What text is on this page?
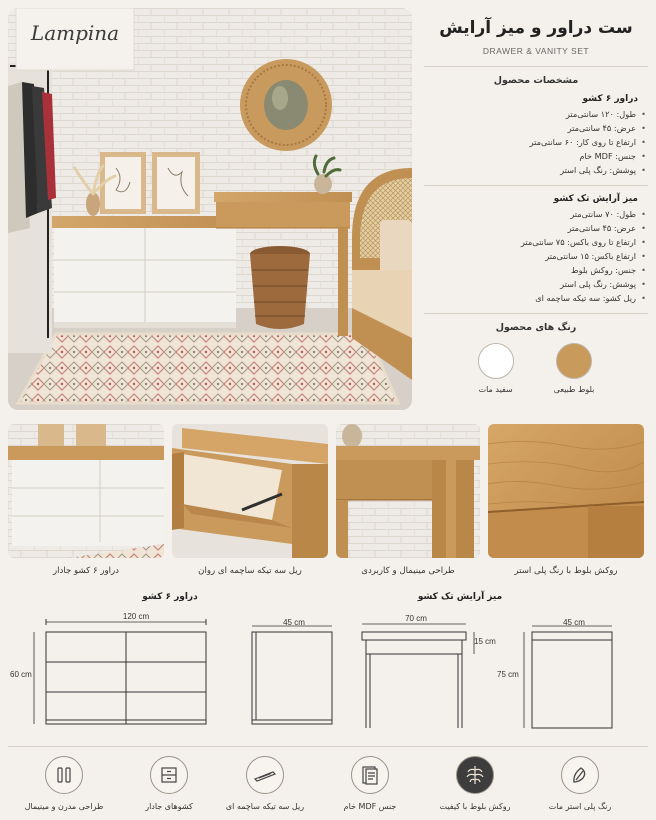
Lampina	ست دراور و میز آرایش
DRAWER & VANITY SET
مشخصات محصول
دراور ۶ کشو
• طول: ۱۲۰ سانتی‌متر
• عرض: ۴۵ سانتی‌متر
• ارتفاع تا روی کار: ۶۰ سانتی‌متر
• جنس: MDF خام
• پوشش: رنگ پلی استر
میز آرایش تک کشو
• طول: ۷۰ سانتی‌متر
• عرض: ۴۵ سانتی‌متر
• ارتفاع تا روی باکس: ۷۵ سانتی‌متر
• ارتفاع باکس: ۱۵ سانتی‌متر
• جنس: روکش بلوط
• پوشش: رنگ پلی استر
• ریل کشو: سه تیکه ساچمه ای
رنگ های محصول
بلوط طبیعی
سفید مات
روکش بلوط با رنگ پلی استر
طراحی مینیمال و کاربردی
ریل سه تیکه ساچمه ای روان
دراور ۶ کشو جادار
میز آرایش تک کشو
دراور ۶ کشو
120 cm
60 cm
45 cm	70 cm
15 cm
75 cm
45 cm
رنگ پلی استر مات
روکش بلوط با کیفیت
جنس MDF خام
ریل سه تیکه ساچمه ای
کشوهای جادار
طراحی مدرن و مینیمال
